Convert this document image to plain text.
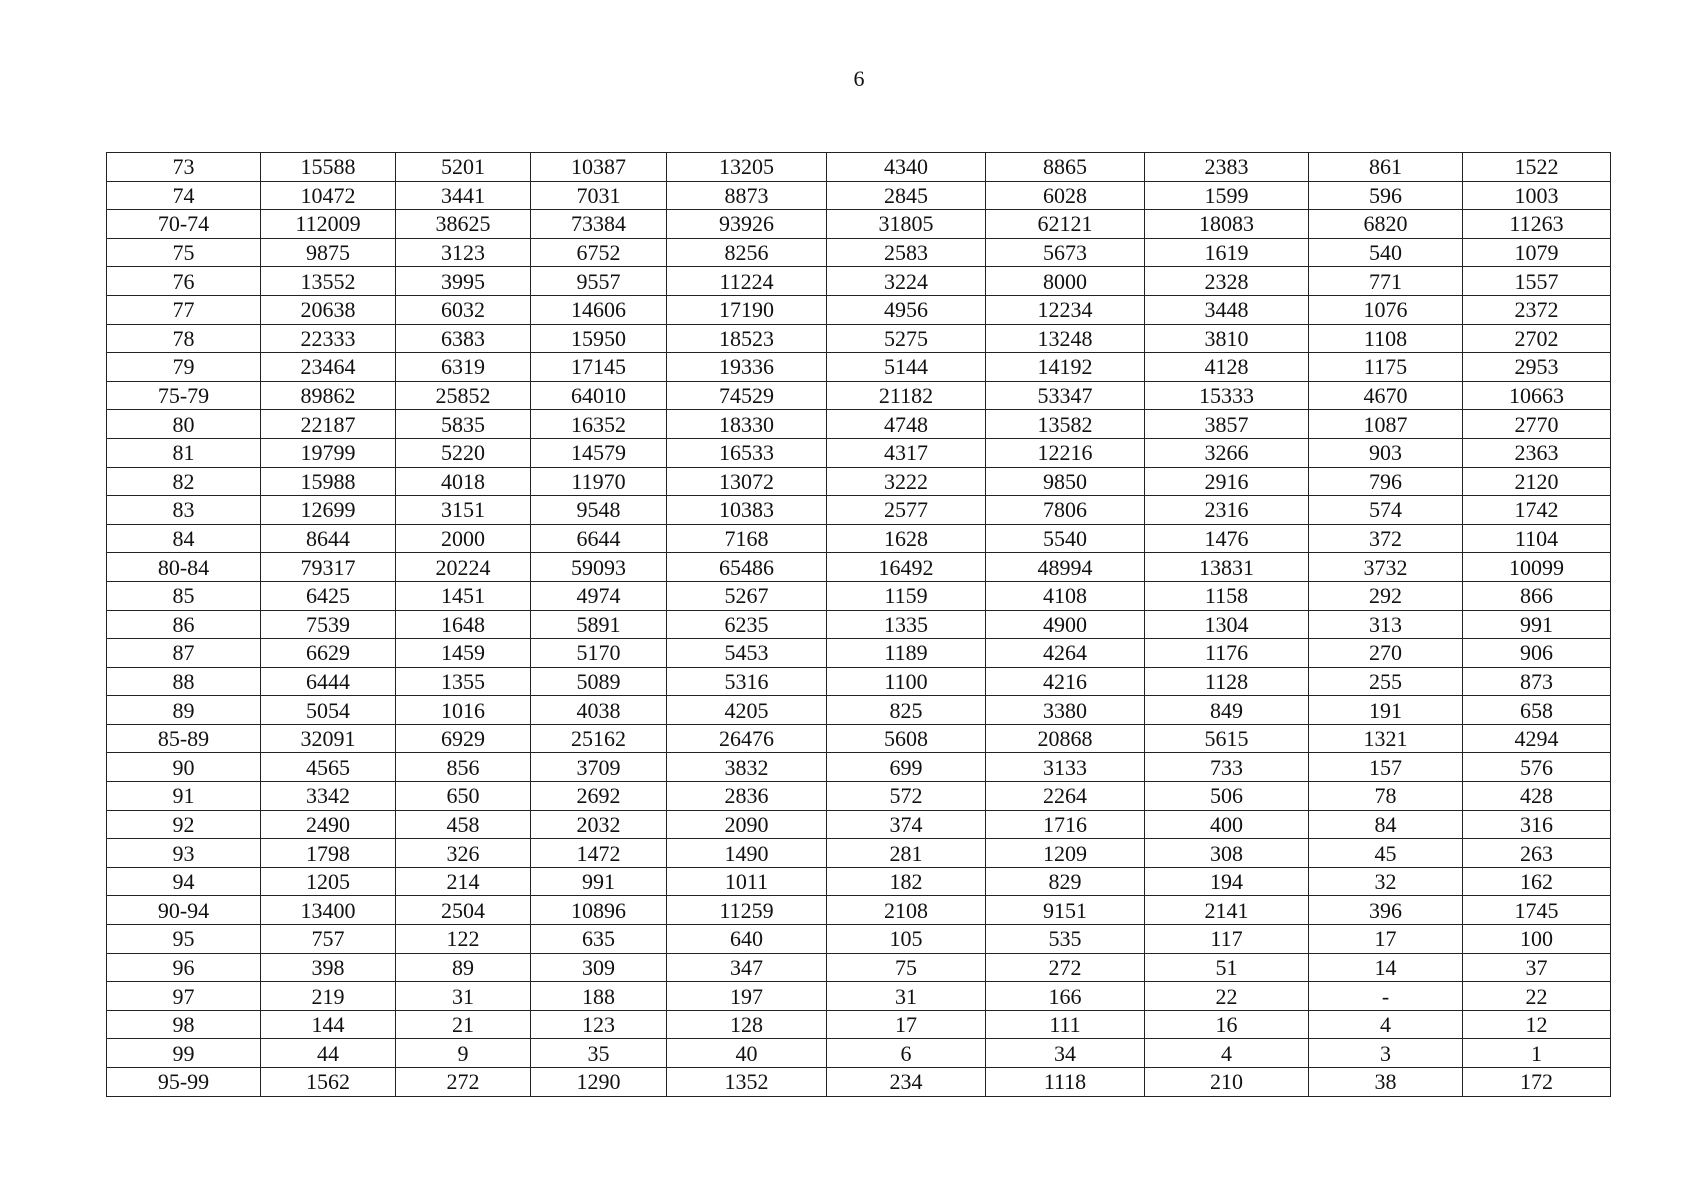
6
73	15588	5201	10387	13205	4340	8865	2383	861	1522
74	10472	3441	7031	8873	2845	6028	1599	596	1003
70-74	112009	38625	73384	93926	31805	62121	18083	6820	11263
75	9875	3123	6752	8256	2583	5673	1619	540	1079
76	13552	3995	9557	11224	3224	8000	2328	771	1557
77	20638	6032	14606	17190	4956	12234	3448	1076	2372
78	22333	6383	15950	18523	5275	13248	3810	1108	2702
79	23464	6319	17145	19336	5144	14192	4128	1175	2953
75-79	89862	25852	64010	74529	21182	53347	15333	4670	10663
80	22187	5835	16352	18330	4748	13582	3857	1087	2770
81	19799	5220	14579	16533	4317	12216	3266	903	2363
82	15988	4018	11970	13072	3222	9850	2916	796	2120
83	12699	3151	9548	10383	2577	7806	2316	574	1742
84	8644	2000	6644	7168	1628	5540	1476	372	1104
80-84	79317	20224	59093	65486	16492	48994	13831	3732	10099
85	6425	1451	4974	5267	1159	4108	1158	292	866
86	7539	1648	5891	6235	1335	4900	1304	313	991
87	6629	1459	5170	5453	1189	4264	1176	270	906
88	6444	1355	5089	5316	1100	4216	1128	255	873
89	5054	1016	4038	4205	825	3380	849	191	658
85-89	32091	6929	25162	26476	5608	20868	5615	1321	4294
90	4565	856	3709	3832	699	3133	733	157	576
91	3342	650	2692	2836	572	2264	506	78	428
92	2490	458	2032	2090	374	1716	400	84	316
93	1798	326	1472	1490	281	1209	308	45	263
94	1205	214	991	1011	182	829	194	32	162
90-94	13400	2504	10896	11259	2108	9151	2141	396	1745
95	757	122	635	640	105	535	117	17	100
96	398	89	309	347	75	272	51	14	37
97	219	31	188	197	31	166	22	-	22
98	144	21	123	128	17	111	16	4	12
99	44	9	35	40	6	34	4	3	1
95-99	1562	272	1290	1352	234	1118	210	38	172
